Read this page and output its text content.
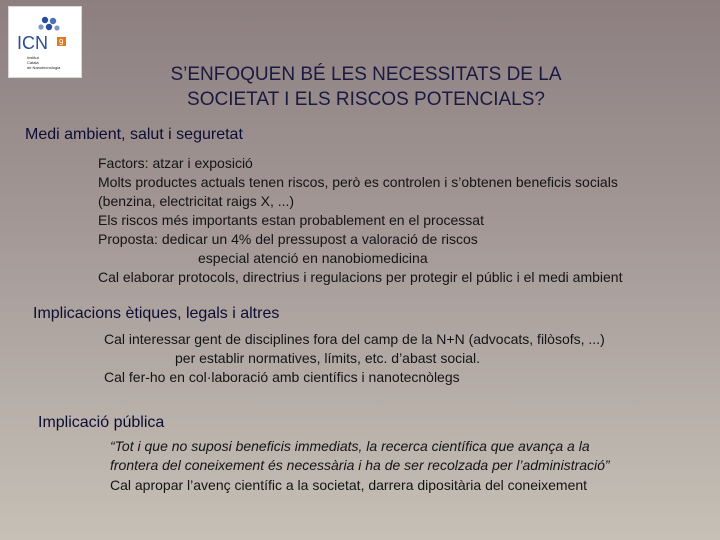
ICN 9
Institut
Català
de Nanotecnologia	S’ENFOQUEN BÉ LES NECESSITATS DE LA
SOCIETAT I ELS RISCOS POTENCIALS?
Medi ambient, salut i seguretat
Factors: atzar i exposició
Molts productes actuals tenen riscos, però es controlen i s’obtenen beneficis socials
(benzina, electricitat raigs X, ...)
Els riscos més importants estan probablement en el processat
Proposta: dedicar un 4% del pressupost a valoració de riscos
especial atenció en nanobiomedicina
Cal elaborar protocols, directrius i regulacions per protegir el públic i el medi ambient
Implicacions ètiques, legals i altres
Cal interessar gent de disciplines fora del camp de la N+N (advocats, filòsofs, ...)
per establir normatives, límits, etc. d’abast social.
Cal fer-ho en col·laboració amb científics i nanotecnòlegs
Implicació pública
“Tot i que no suposi beneficis immediats, la recerca científica que avança a la
frontera del coneixement és necessària i ha de ser recolzada per l’administració”
Cal apropar l’avenç científic a la societat, darrera dipositària del coneixement
